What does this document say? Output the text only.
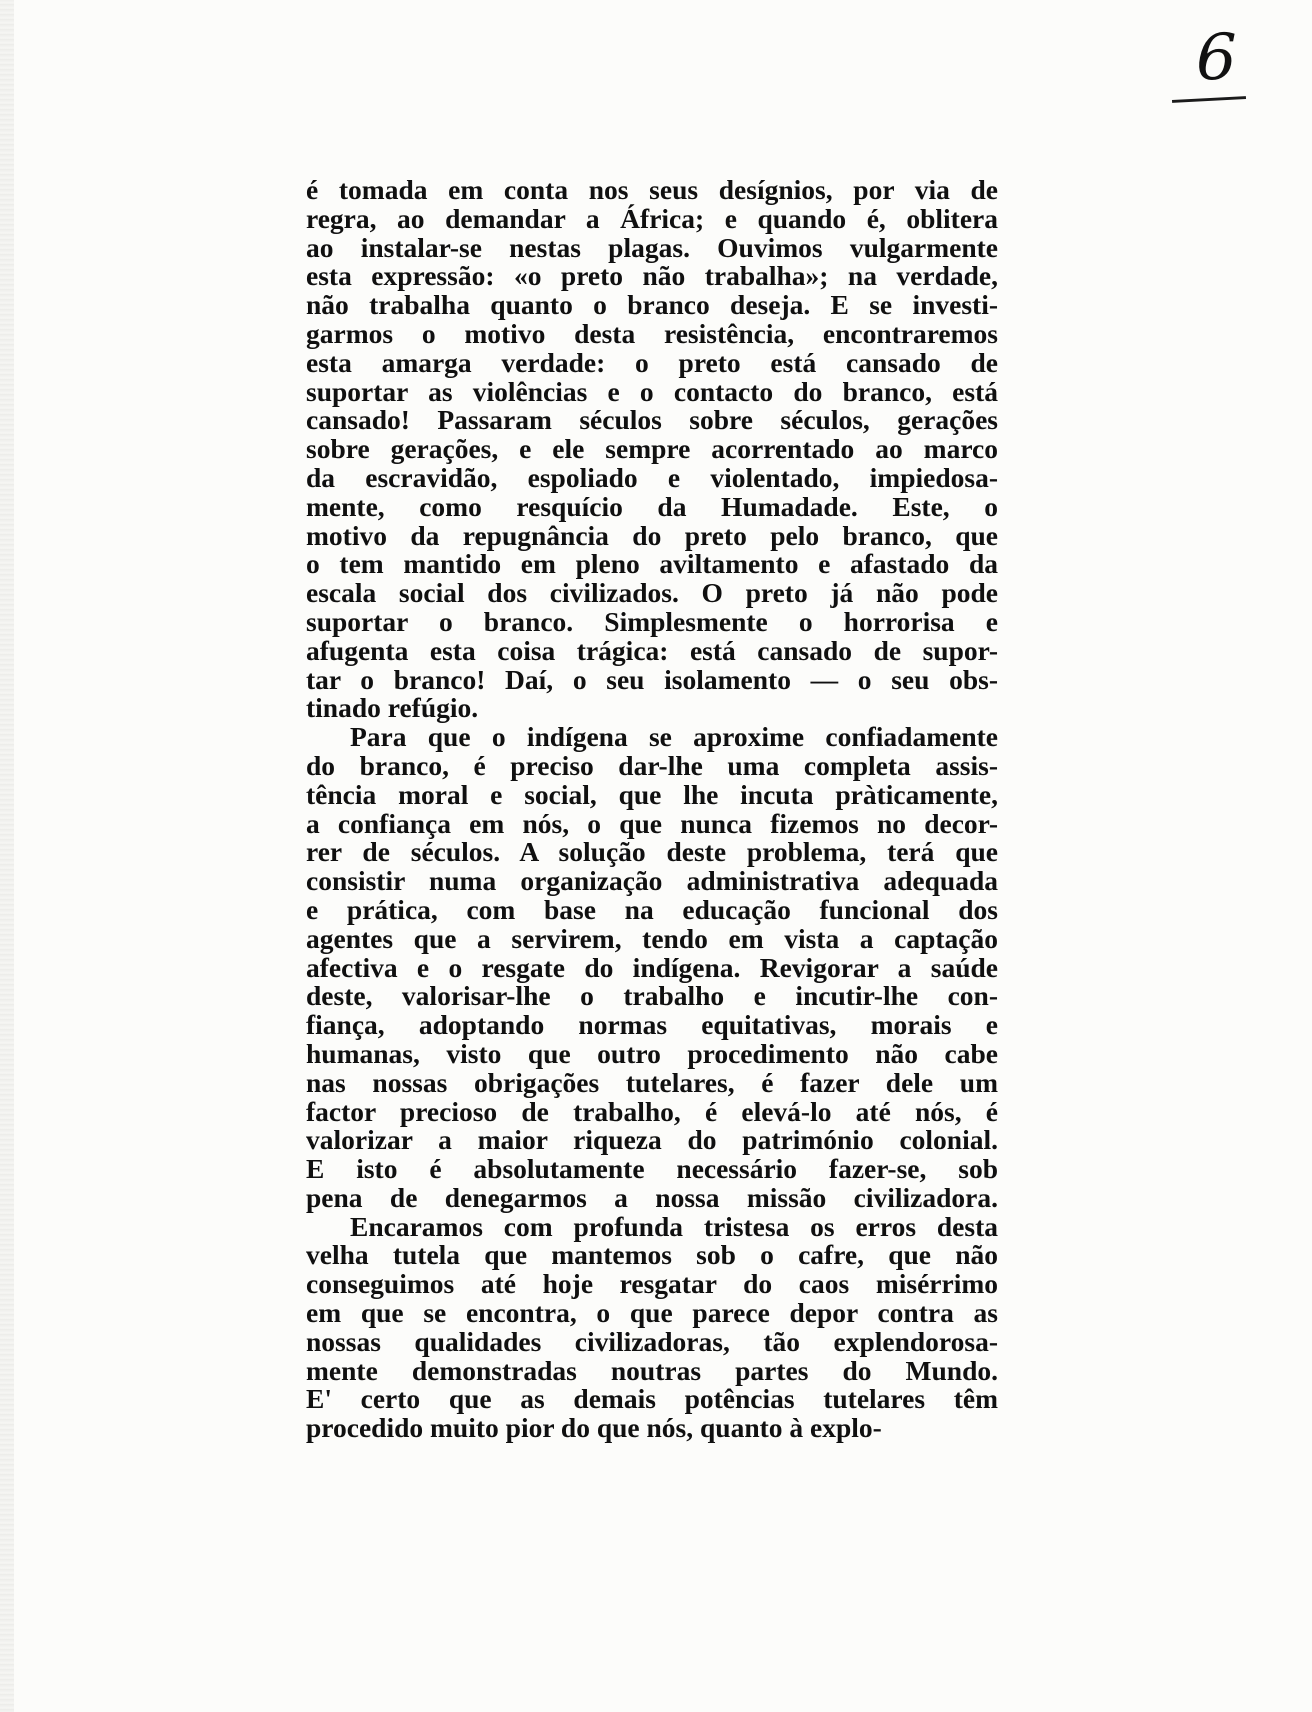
6
é tomada em conta nos seus desígnios, por via de
regra, ao demandar a África; e quando é, oblitera
ao instalar-se nestas plagas. Ouvimos vulgarmente
esta expressão: «o preto não trabalha»; na verdade,
não trabalha quanto o branco deseja. E se investi-
garmos o motivo desta resistência, encontraremos
esta amarga verdade: o preto está cansado de
suportar as violências e o contacto do branco, está
cansado! Passaram séculos sobre séculos, gerações
sobre gerações, e ele sempre acorrentado ao marco
da escravidão, espoliado e violentado, impiedosa-
mente, como resquício da Humadade. Este, o
motivo da repugnância do preto pelo branco, que
o tem mantido em pleno aviltamento e afastado da
escala social dos civilizados. O preto já não pode
suportar o branco. Simplesmente o horrorisa e
afugenta esta coisa trágica: está cansado de supor-
tar o branco! Daí, o seu isolamento — o seu obs-
tinado refúgio.
Para que o indígena se aproxime confiadamente
do branco, é preciso dar-lhe uma completa assis-
tência moral e social, que lhe incuta pràticamente,
a confiança em nós, o que nunca fizemos no decor-
rer de séculos. A solução deste problema, terá que
consistir numa organização administrativa adequada
e prática, com base na educação funcional dos
agentes que a servirem, tendo em vista a captação
afectiva e o resgate do indígena. Revigorar a saúde
deste, valorisar-lhe o trabalho e incutir-lhe con-
fiança, adoptando normas equitativas, morais e
humanas, visto que outro procedimento não cabe
nas nossas obrigações tutelares, é fazer dele um
factor precioso de trabalho, é elevá-lo até nós, é
valorizar a maior riqueza do património colonial.
E isto é absolutamente necessário fazer-se, sob
pena de denegarmos a nossa missão civilizadora.
Encaramos com profunda tristesa os erros desta
velha tutela que mantemos sob o cafre, que não
conseguimos até hoje resgatar do caos misérrimo
em que se encontra, o que parece depor contra as
nossas qualidades civilizadoras, tão explendorosa-
mente demonstradas noutras partes do Mundo.
E' certo que as demais potências tutelares têm
procedido muito pior do que nós, quanto à explo-
